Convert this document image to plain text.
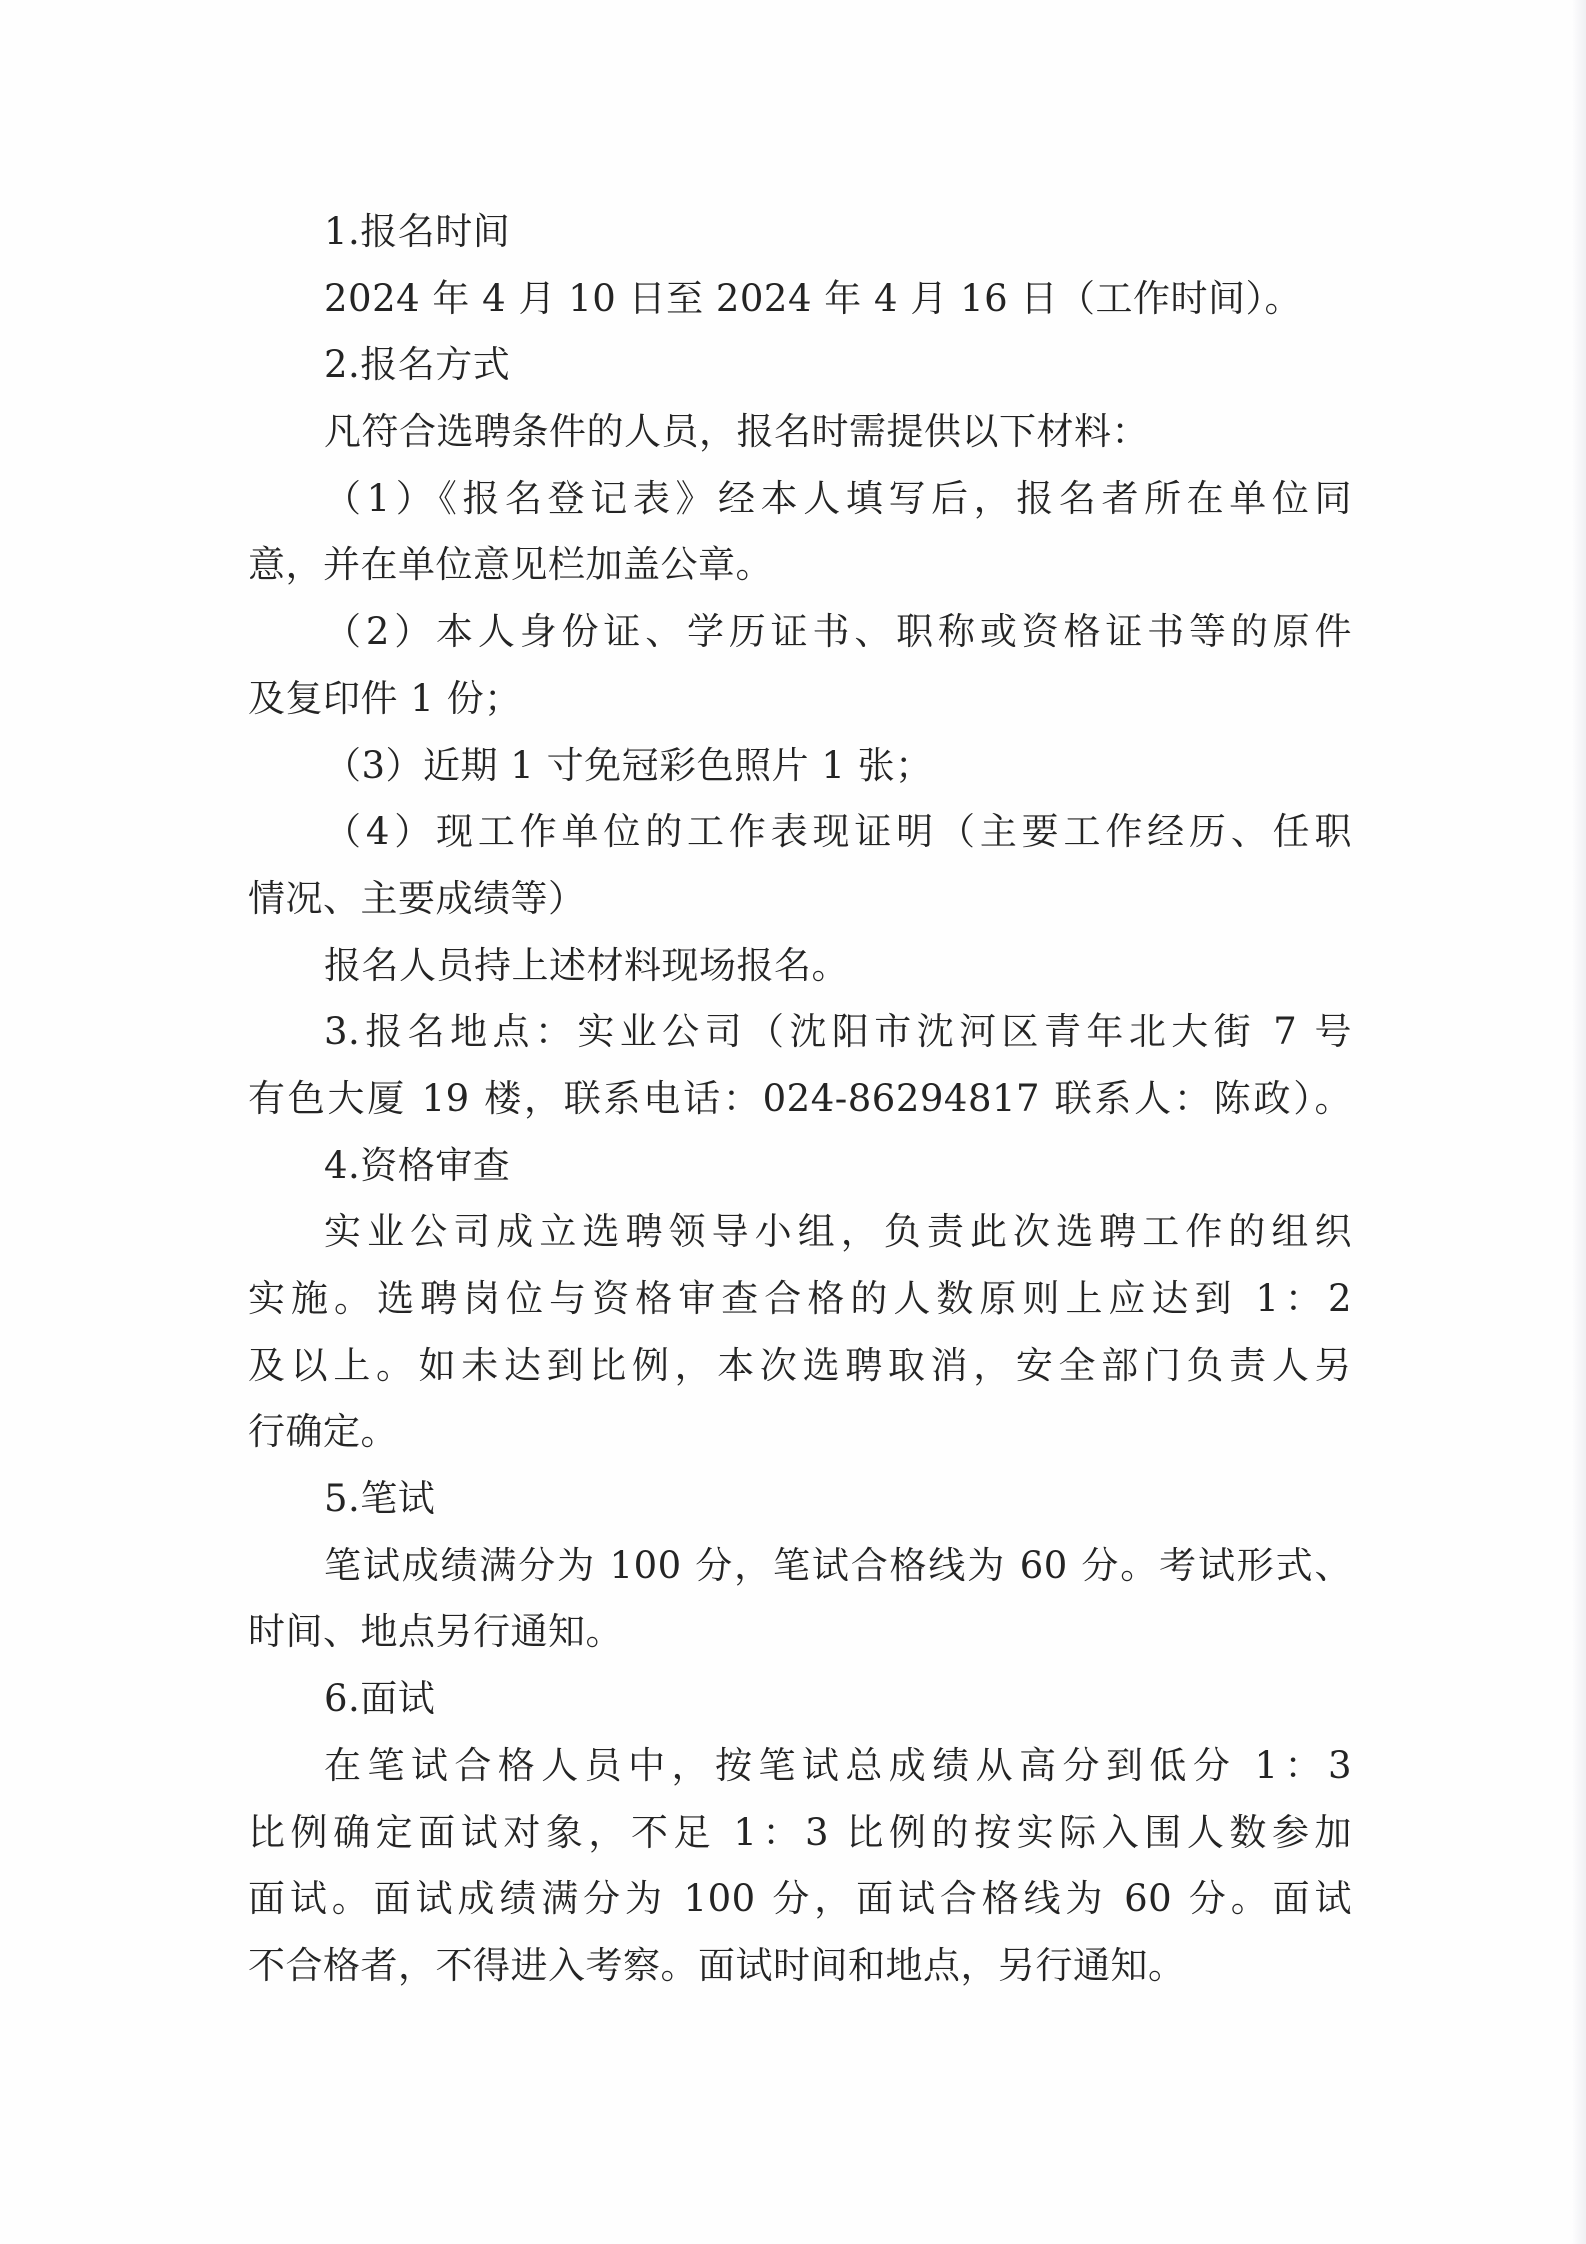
1.报名时间
2024 年 4 月 10 日至 2024 年 4 月 16 日（工作时间）。
2.报名方式
凡符合选聘条件的人员，报名时需提供以下材料：
（1）《报名登记表》经本人填写后，报名者所在单位同
意，并在单位意见栏加盖公章。
（2）本人身份证、学历证书、职称或资格证书等的原件
及复印件 1 份；
（3）近期 1 寸免冠彩色照片 1 张；
（4）现工作单位的工作表现证明（主要工作经历、任职
情况、主要成绩等）
报名人员持上述材料现场报名。
3.报名地点：实业公司（沈阳市沈河区青年北大街 7 号
有色大厦 19 楼，联系电话：024-86294817 联系人：陈政）。
4.资格审查
实业公司成立选聘领导小组，负责此次选聘工作的组织
实施。选聘岗位与资格审查合格的人数原则上应达到 1：2
及以上。如未达到比例，本次选聘取消，安全部门负责人另
行确定。
5.笔试
笔试成绩满分为 100 分，笔试合格线为 60 分。考试形式、
时间、地点另行通知。
6.面试
在笔试合格人员中，按笔试总成绩从高分到低分 1：3
比例确定面试对象，不足 1：3 比例的按实际入围人数参加
面试。面试成绩满分为 100 分，面试合格线为 60 分。面试
不合格者，不得进入考察。面试时间和地点，另行通知。
